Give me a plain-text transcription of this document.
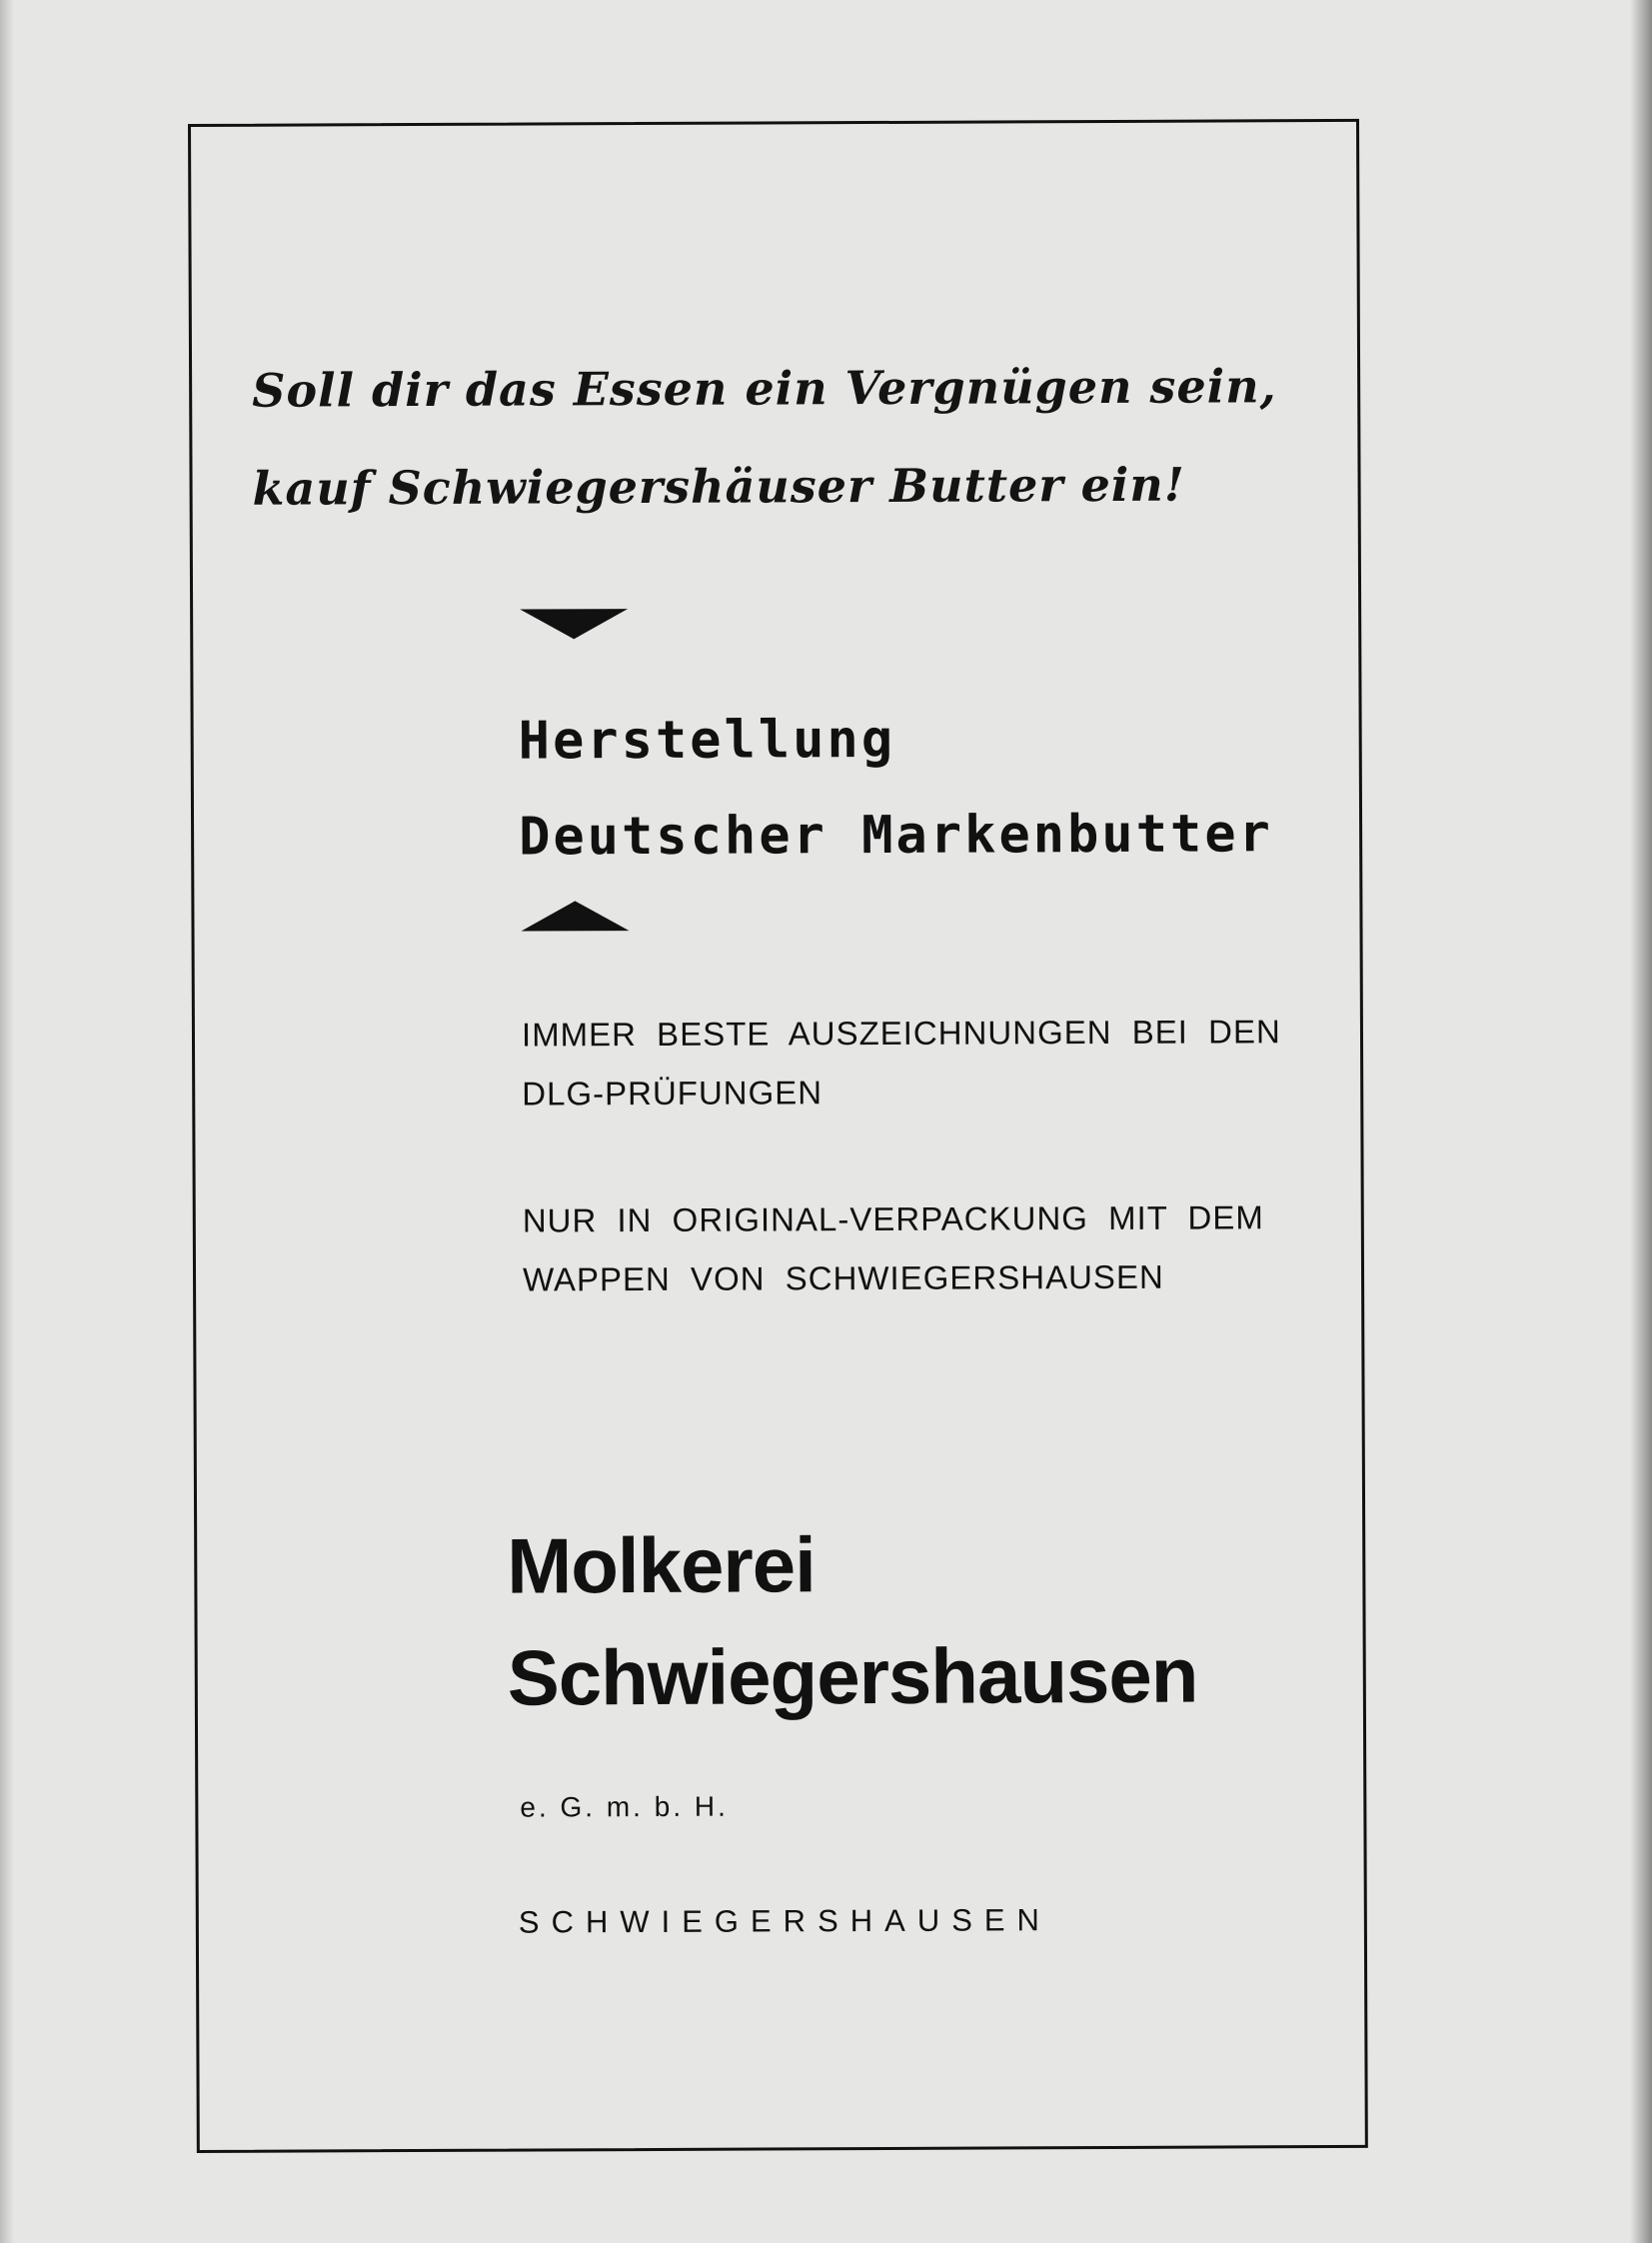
Soll dir das Essen ein Vergnügen sein,
kauf Schwiegershäuser Butter ein!

Herstellung
Deutscher Markenbutter

IMMER BESTE AUSZEICHNUNGEN BEI DEN DLG-PRÜFUNGEN

NUR IN ORIGINAL-VERPACKUNG MIT DEM WAPPEN VON SCHWIEGERSHAUSEN

Molkerei
Schwiegershausen

e. G. m. b. H.

SCHWIEGERSHAUSEN
